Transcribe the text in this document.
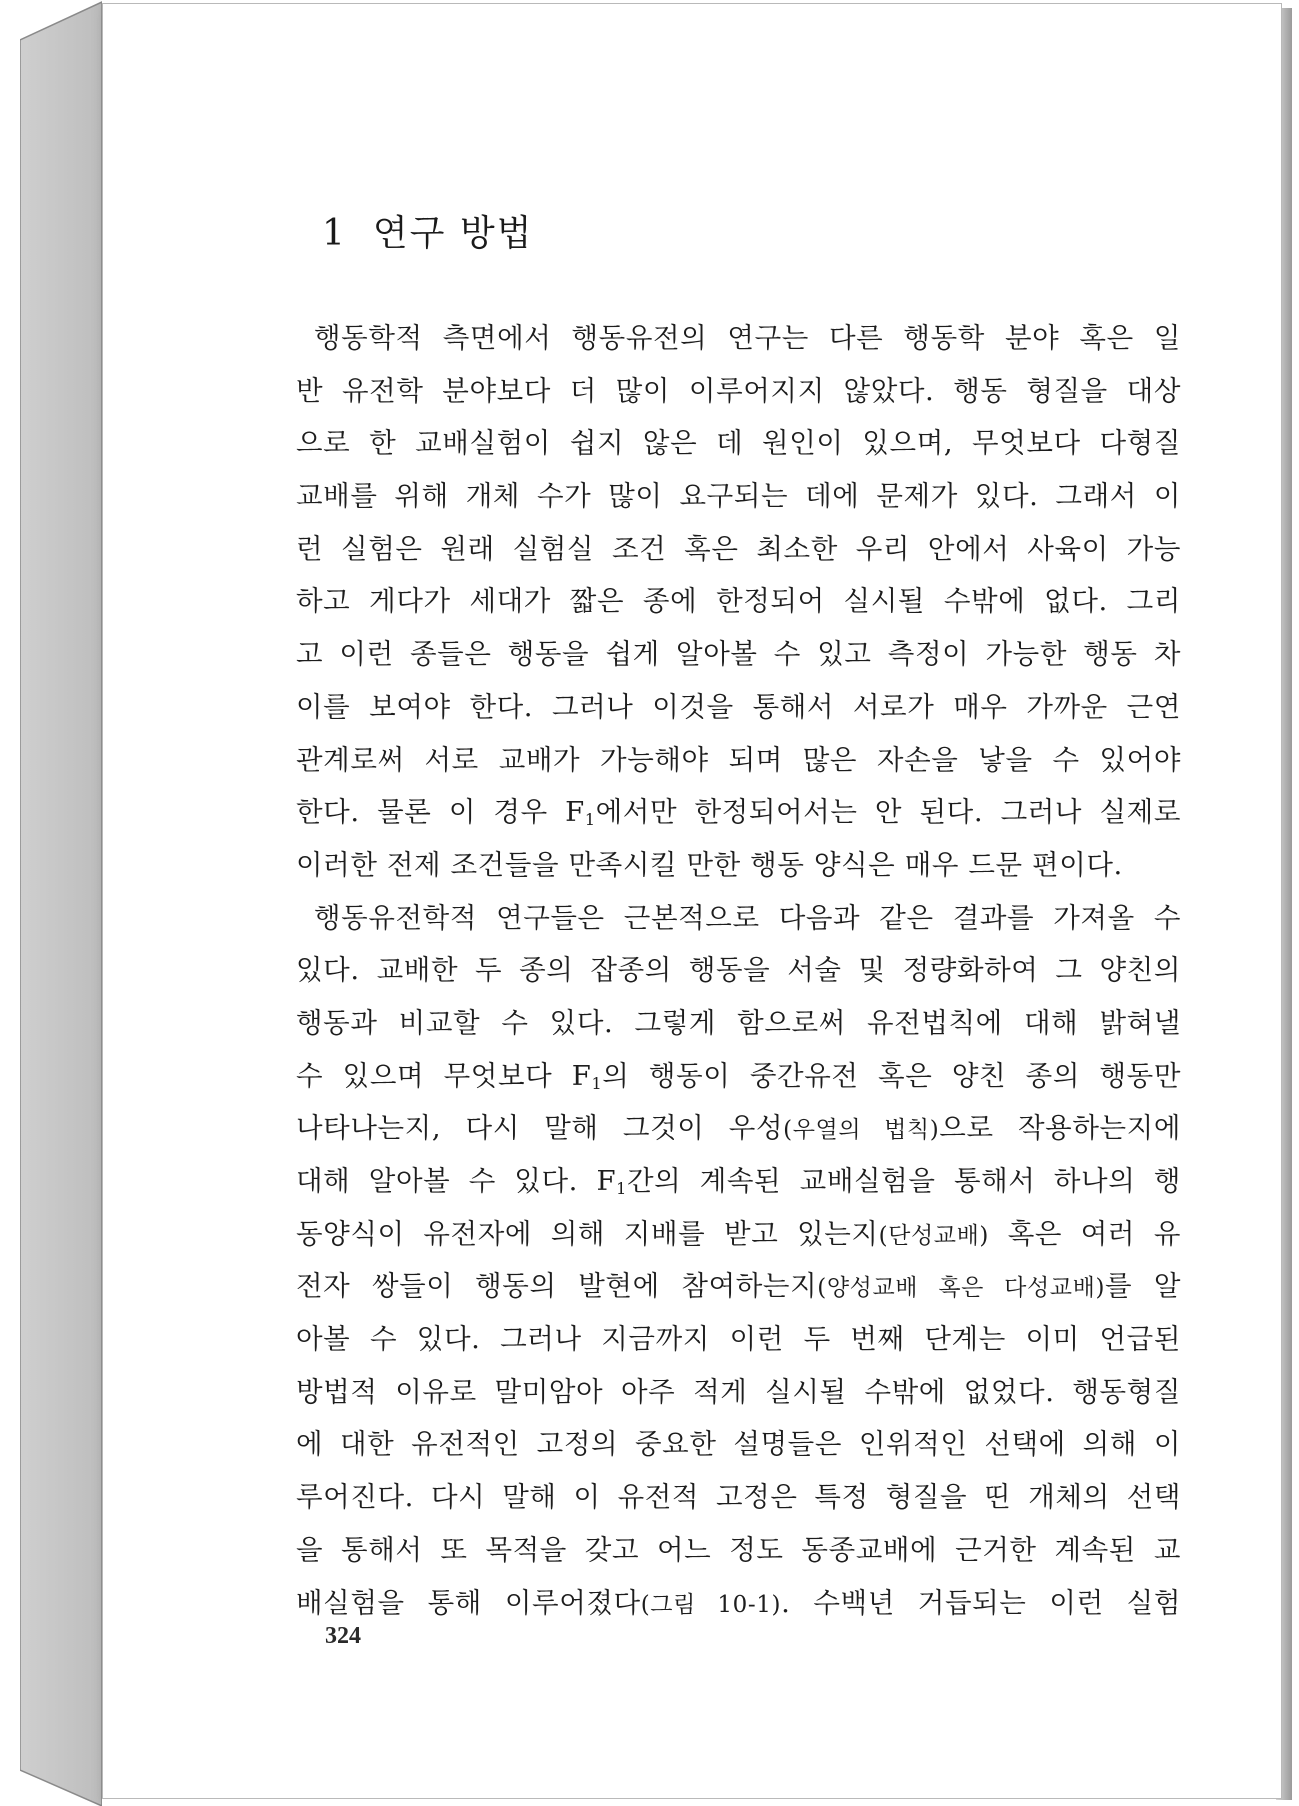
1 연구 방법
행동학적 측면에서 행동유전의 연구는 다른 행동학 분야 혹은 일
반 유전학 분야보다 더 많이 이루어지지 않았다. 행동 형질을 대상
으로 한 교배실험이 쉽지 않은 데 원인이 있으며, 무엇보다 다형질
교배를 위해 개체 수가 많이 요구되는 데에 문제가 있다. 그래서 이
런 실험은 원래 실험실 조건 혹은 최소한 우리 안에서 사육이 가능
하고 게다가 세대가 짧은 종에 한정되어 실시될 수밖에 없다. 그리
고 이런 종들은 행동을 쉽게 알아볼 수 있고 측정이 가능한 행동 차
이를 보여야 한다. 그러나 이것을 통해서 서로가 매우 가까운 근연
관계로써 서로 교배가 가능해야 되며 많은 자손을 낳을 수 있어야
한다. 물론 이 경우 $F_1$에서만 한정되어서는 안 된다. 그러나 실제로
이러한 전제 조건들을 만족시킬 만한 행동 양식은 매우 드문 편이다.
행동유전학적 연구들은 근본적으로 다음과 같은 결과를 가져올 수
있다. 교배한 두 종의 잡종의 행동을 서술 및 정량화하여 그 양친의
행동과 비교할 수 있다. 그렇게 함으로써 유전법칙에 대해 밝혀낼
수 있으며 무엇보다 $F_1$의 행동이 중간유전 혹은 양친 종의 행동만
나타나는지, 다시 말해 그것이 우성(우열의 법칙)으로 작용하는지에
대해 알아볼 수 있다. $F_1$간의 계속된 교배실험을 통해서 하나의 행
동양식이 유전자에 의해 지배를 받고 있는지(단성교배) 혹은 여러 유
전자 쌍들이 행동의 발현에 참여하는지(양성교배 혹은 다성교배)를 알
아볼 수 있다. 그러나 지금까지 이런 두 번째 단계는 이미 언급된
방법적 이유로 말미암아 아주 적게 실시될 수밖에 없었다. 행동형질
에 대한 유전적인 고정의 중요한 설명들은 인위적인 선택에 의해 이
루어진다. 다시 말해 이 유전적 고정은 특정 형질을 띤 개체의 선택
을 통해서 또 목적을 갖고 어느 정도 동종교배에 근거한 계속된 교
배실험을 통해 이루어졌다(그림 10-1). 수백년 거듭되는 이런 실험
324
